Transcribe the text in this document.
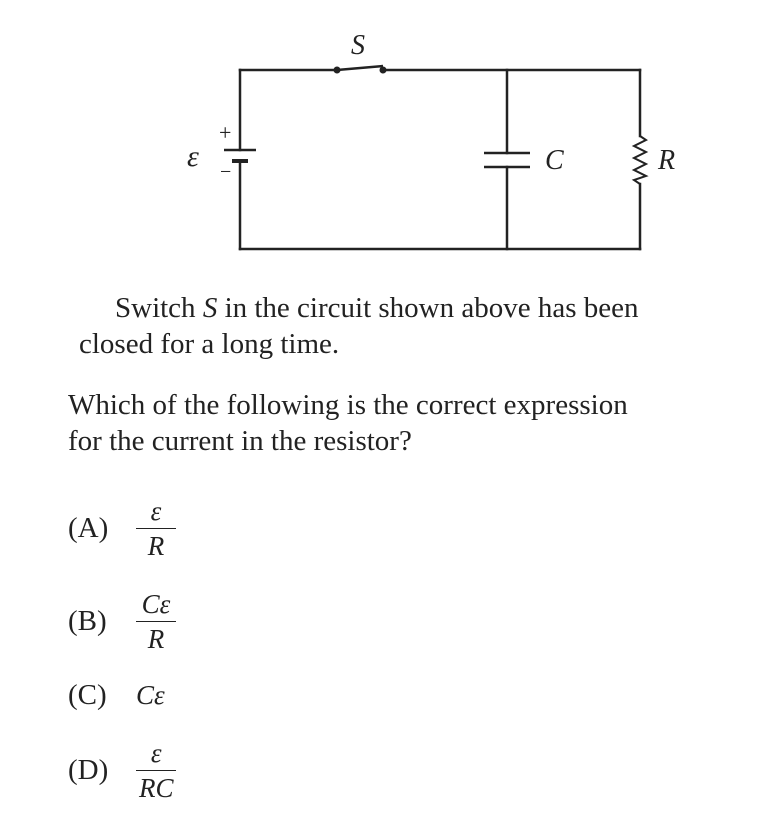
S
ε
+
−	C	R

Switch S in the circuit shown above has been
closed for a long time.

Which of the following is the correct expression
for the current in the resistor?

(A)	$\frac{\varepsilon}{R}$
(B)	$\frac{C\varepsilon}{R}$
(C)	Cε
(D)	$\frac{\varepsilon}{RC}$
